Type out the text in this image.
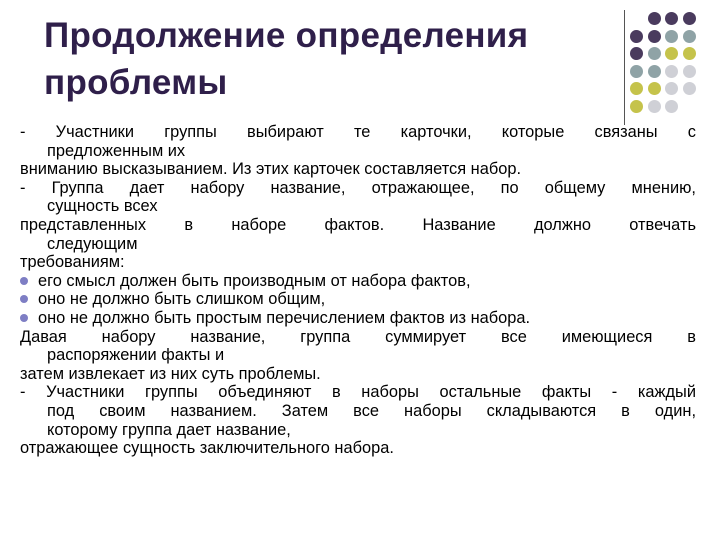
Продолжение определения
проблемы

- Участники группы выбирают те карточки, которые связаны с

предложенным их

вниманию высказыванием. Из этих карточек составляется набор.

- Группа дает набору название, отражающее, по общему мнению,

сущность всех

представленных в наборе фактов. Название должно отвечать

следующим

требованиям:

его смысл должен быть производным от набора фактов,
оно не должно быть слишком общим,
оно не должно быть простым перечислением фактов из набора.

Давая набору название, группа суммирует все имеющиеся в

распоряжении факты и

затем извлекает из них суть проблемы.

- Участники группы объединяют в наборы остальные факты - каждый

под своим названием. Затем все наборы складываются в один,

которому группа дает название,

отражающее сущность заключительного набора.
